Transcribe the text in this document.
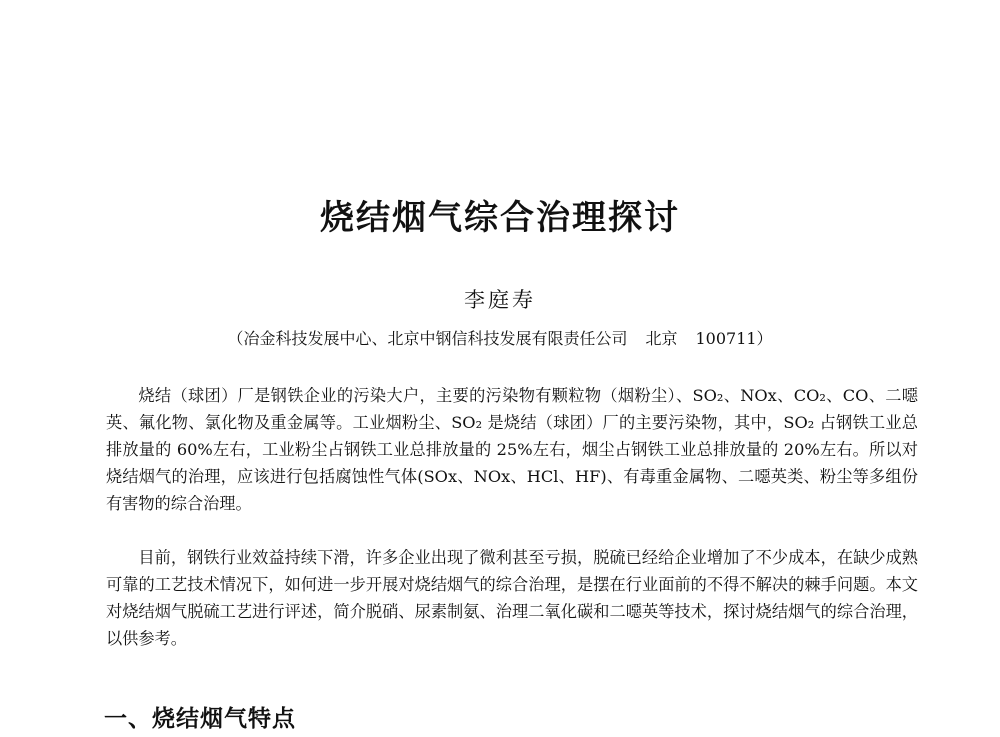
烧结烟气综合治理探讨
李庭寿
（冶金科技发展中心、北京中钢信科技发展有限责任公司 北京 100711）

烧结（球团）厂是钢铁企业的污染大户，主要的污染物有颗粒物（烟粉尘）、SO₂、NOx、CO₂、CO、二噁英、氟化物、氯化物及重金属等。工业烟粉尘、SO₂ 是烧结（球团）厂的主要污染物，其中，SO₂ 占钢铁工业总排放量的 60%左右，工业粉尘占钢铁工业总排放量的 25%左右，烟尘占钢铁工业总排放量的 20%左右。所以对烧结烟气的治理，应该进行包括腐蚀性气体(SOx、NOx、HCl、HF)、有毒重金属物、二噁英类、粉尘等多组份有害物的综合治理。

目前，钢铁行业效益持续下滑，许多企业出现了微利甚至亏损，脱硫已经给企业增加了不少成本，在缺少成熟可靠的工艺技术情况下，如何进一步开展对烧结烟气的综合治理，是摆在行业面前的不得不解决的棘手问题。本文对烧结烟气脱硫工艺进行评述，简介脱硝、尿素制氨、治理二氧化碳和二噁英等技术，探讨烧结烟气的综合治理，以供参考。

一、烧结烟气特点
